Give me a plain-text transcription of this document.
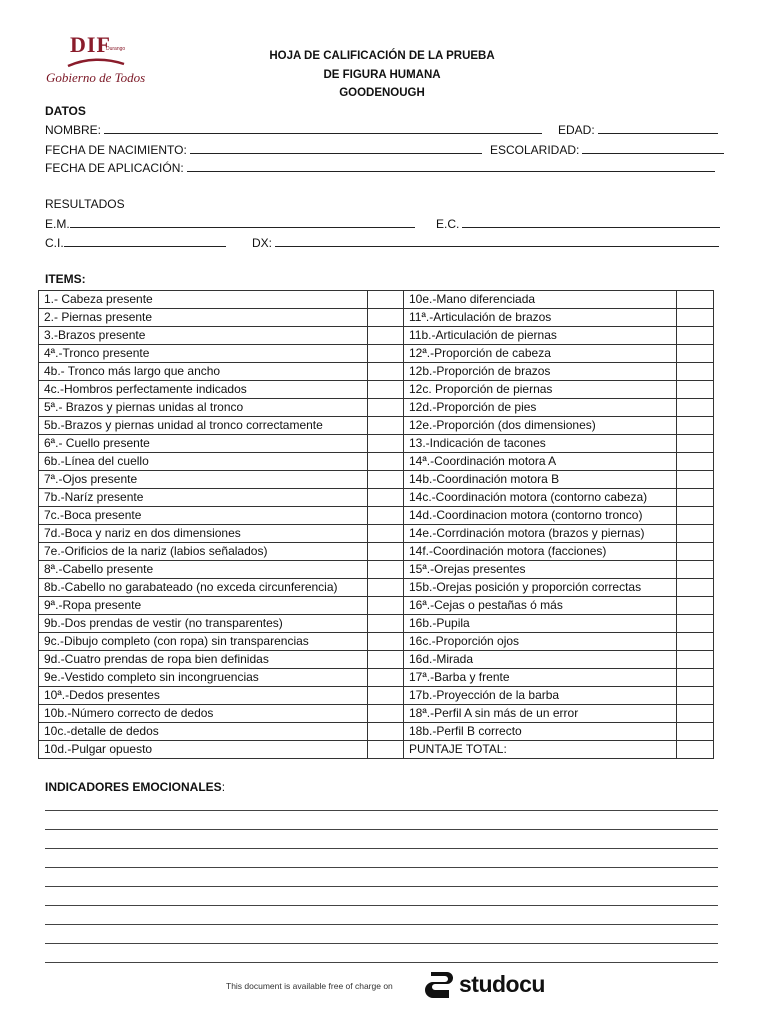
DIF
Durango
Gobierno de Todos
HOJA DE CALIFICACIÓN DE LA PRUEBA
DE FIGURA HUMANA
GOODENOUGH
DATOS
NOMBRE:	EDAD:
FECHA DE NACIMIENTO:	ESCOLARIDAD:
FECHA DE APLICACIÓN:
RESULTADOS
E.M.	E.C.
C.I.	DX:
ITEMS:
1.- Cabeza presente		10e.-Mano diferenciada	
2.- Piernas presente		11ª.-Articulación de brazos	
3.-Brazos presente		11b.-Articulación de piernas	
4ª.-Tronco presente		12ª.-Proporción de cabeza	
4b.- Tronco más largo que ancho		12b.-Proporción de brazos	
4c.-Hombros perfectamente indicados		12c. Proporción de piernas	
5ª.- Brazos y piernas unidas al tronco		12d.-Proporción de pies	
5b.-Brazos y piernas unidad al tronco correctamente		12e.-Proporción (dos dimensiones)	
6ª.- Cuello presente		13.-Indicación de tacones	
6b.-Línea del cuello		14ª.-Coordinación motora A	
7ª.-Ojos presente		14b.-Coordinación motora B	
7b.-Naríz presente		14c.-Coordinación motora (contorno cabeza)	
7c.-Boca presente		14d.-Coordinacion motora (contorno tronco)	
7d.-Boca y nariz en dos dimensiones		14e.-Corrdinación motora (brazos y piernas)	
7e.-Orificios de la nariz (labios señalados)		14f.-Coordinación motora (facciones)	
8ª.-Cabello presente		15ª.-Orejas presentes	
8b.-Cabello no garabateado (no exceda circunferencia)		15b.-Orejas posición y proporción correctas	
9ª.-Ropa presente		16ª.-Cejas o pestañas ó más	
9b.-Dos prendas de vestir (no transparentes)		16b.-Pupila	
9c.-Dibujo completo (con ropa) sin transparencias		16c.-Proporción ojos	
9d.-Cuatro prendas de ropa bien definidas		16d.-Mirada	
9e.-Vestido completo sin incongruencias		17ª.-Barba y frente	
10ª.-Dedos presentes		17b.-Proyección de la barba	
10b.-Número correcto de dedos		18ª.-Perfil A sin más de un error	
10c.-detalle de dedos		18b.-Perfil B correcto	
10d.-Pulgar opuesto		PUNTAJE TOTAL:	
INDICADORES EMOCIONALES:
This document is available free of charge on	studocu
